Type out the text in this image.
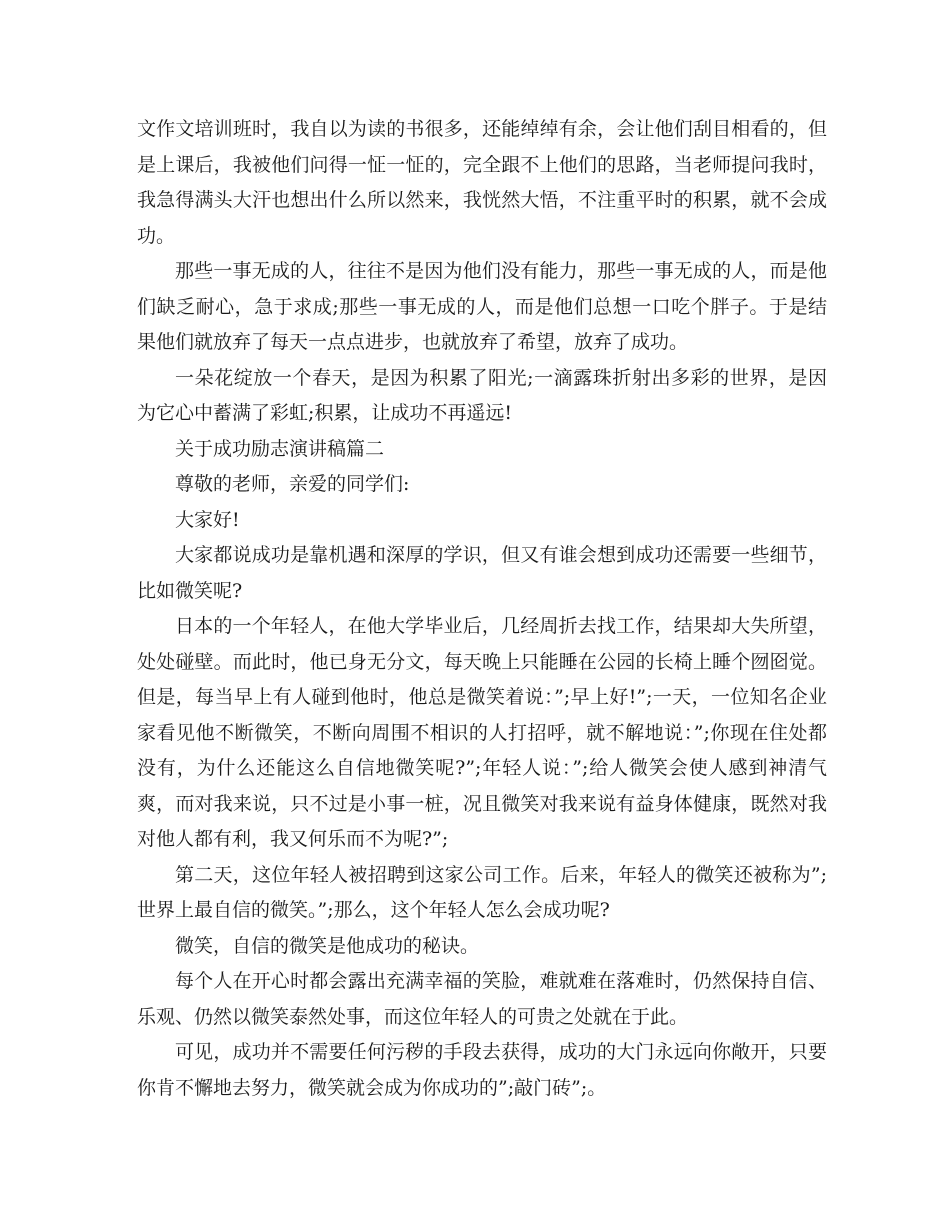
文作文培训班时，我自以为读的书很多，还能绰绰有余，会让他们刮目相看的，但是上课后，我被他们问得一怔一怔的，完全跟不上他们的思路，当老师提问我时，我急得满头大汗也想出什么所以然来，我恍然大悟，不注重平时的积累，就不会成功。

那些一事无成的人，往往不是因为他们没有能力，那些一事无成的人，而是他们缺乏耐心，急于求成;那些一事无成的人，而是他们总想一口吃个胖子。于是结果他们就放弃了每天一点点进步，也就放弃了希望，放弃了成功。

一朵花绽放一个春天，是因为积累了阳光;一滴露珠折射出多彩的世界，是因为它心中蓄满了彩虹;积累，让成功不再遥远!

关于成功励志演讲稿篇二

尊敬的老师，亲爱的同学们:

大家好!

大家都说成功是靠机遇和深厚的学识，但又有谁会想到成功还需要一些细节，比如微笑呢?

日本的一个年轻人，在他大学毕业后，几经周折去找工作，结果却大失所望，处处碰壁。而此时，他已身无分文，每天晚上只能睡在公园的长椅上睡个囫囵觉。但是，每当早上有人碰到他时，他总是微笑着说：”;早上好!”;一天，一位知名企业家看见他不断微笑，不断向周围不相识的人打招呼，就不解地说：”;你现在住处都没有，为什么还能这么自信地微笑呢?”;年轻人说：”;给人微笑会使人感到神清气爽，而对我来说，只不过是小事一桩，况且微笑对我来说有益身体健康，既然对我对他人都有利，我又何乐而不为呢?”;

第二天，这位年轻人被招聘到这家公司工作。后来，年轻人的微笑还被称为”;世界上最自信的微笑。”;那么，这个年轻人怎么会成功呢?

微笑，自信的微笑是他成功的秘诀。

每个人在开心时都会露出充满幸福的笑脸，难就难在落难时，仍然保持自信、乐观、仍然以微笑泰然处事，而这位年轻人的可贵之处就在于此。

可见，成功并不需要任何污秽的手段去获得，成功的大门永远向你敞开，只要你肯不懈地去努力，微笑就会成为你成功的”;敲门砖”;。
